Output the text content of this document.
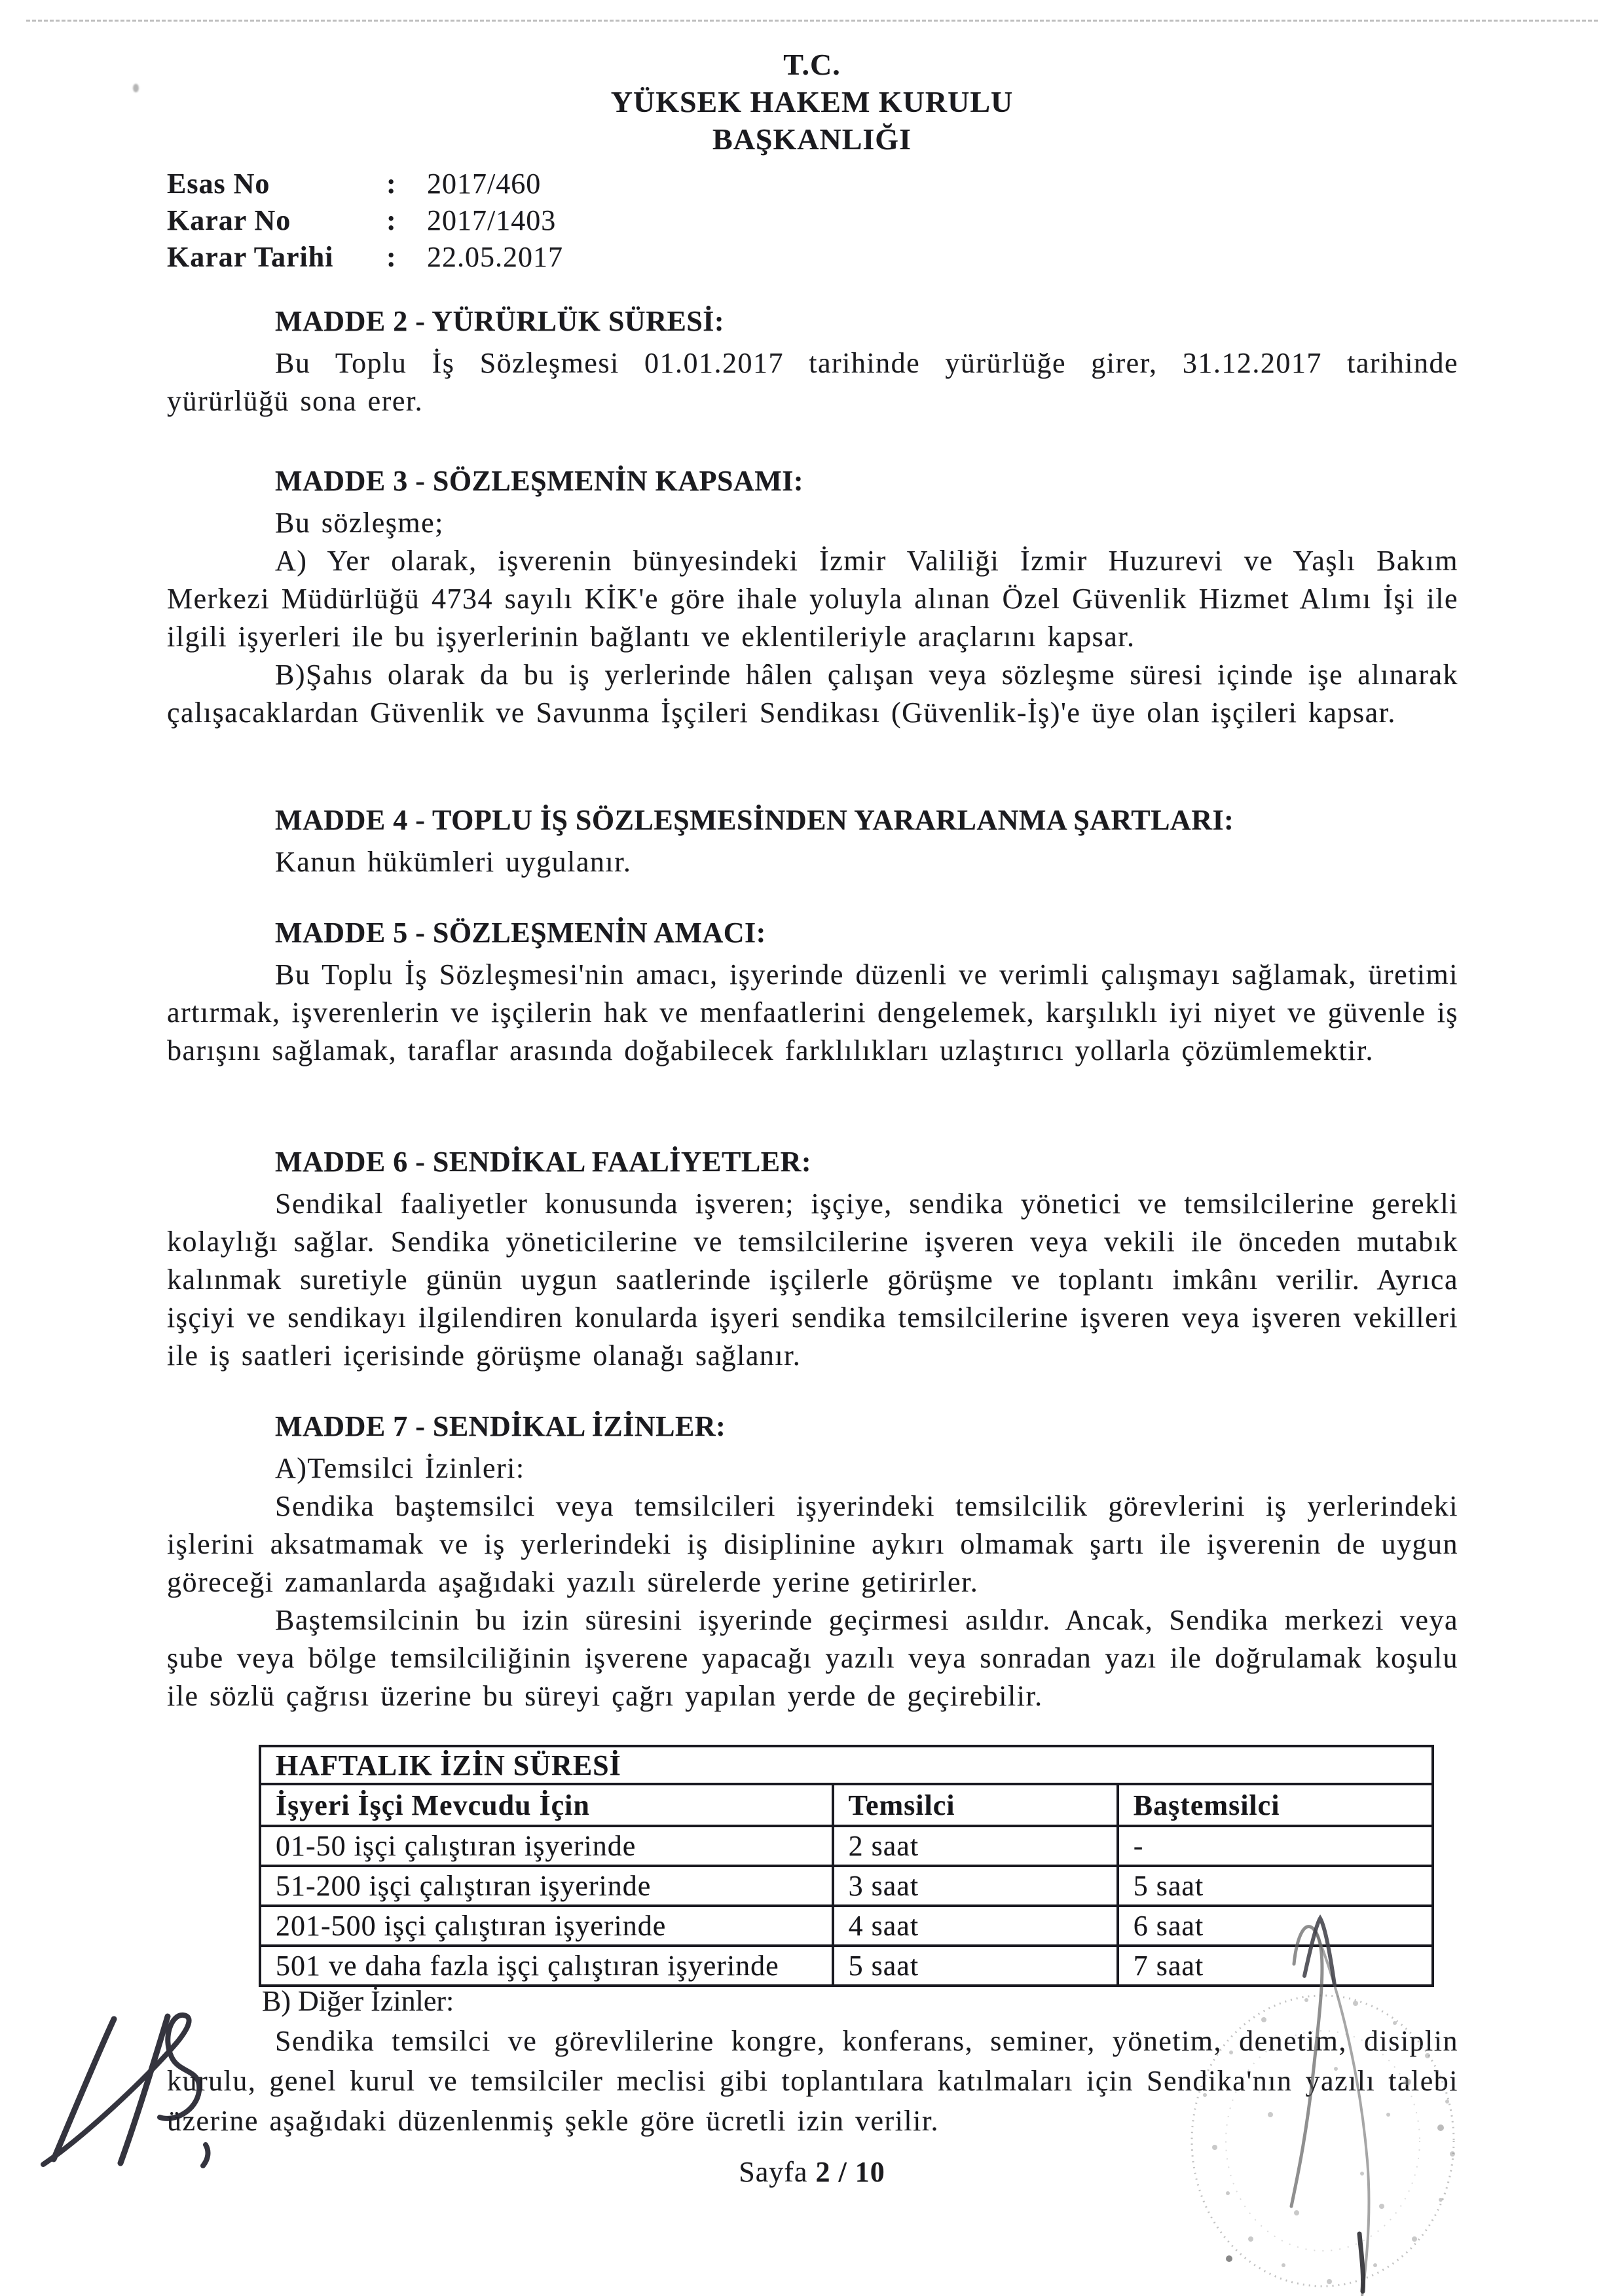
T.C.
YÜKSEK HAKEM KURULU
BAŞKANLIĞI
Esas No	:	2017/460
Karar No	:	2017/1403
Karar Tarihi	:	22.05.2017
MADDE 2 - YÜRÜRLÜK SÜRESİ:

Bu Toplu İş Sözleşmesi 01.01.2017 tarihinde yürürlüğe girer, 31.12.2017 tarihinde yürürlüğü sona erer.

MADDE 3 - SÖZLEŞMENİN KAPSAMI:

Bu sözleşme;

A) Yer olarak, işverenin bünyesindeki İzmir Valiliği İzmir Huzurevi ve Yaşlı Bakım Merkezi Müdürlüğü 4734 sayılı KİK'e göre ihale yoluyla alınan Özel Güvenlik Hizmet Alımı İşi ile ilgili işyerleri ile bu işyerlerinin bağlantı ve eklentileriyle araçlarını kapsar.

B)Şahıs olarak da bu iş yerlerinde hâlen çalışan veya sözleşme süresi içinde işe alınarak çalışacaklardan Güvenlik ve Savunma İşçileri Sendikası (Güvenlik-İş)'e üye olan işçileri kapsar.

MADDE 4 - TOPLU İŞ SÖZLEŞMESİNDEN YARARLANMA ŞARTLARI:

Kanun hükümleri uygulanır.

MADDE 5 - SÖZLEŞMENİN AMACI:

Bu Toplu İş Sözleşmesi'nin amacı, işyerinde düzenli ve verimli çalışmayı sağlamak, üretimi artırmak, işverenlerin ve işçilerin hak ve menfaatlerini dengelemek, karşılıklı iyi niyet ve güvenle iş barışını sağlamak, taraflar arasında doğabilecek farklılıkları uzlaştırıcı yollarla çözümlemektir.

MADDE 6 - SENDİKAL FAALİYETLER:

Sendikal faaliyetler konusunda işveren; işçiye, sendika yönetici ve temsilcilerine gerekli kolaylığı sağlar. Sendika yöneticilerine ve temsilcilerine işveren veya vekili ile önceden mutabık kalınmak suretiyle günün uygun saatlerinde işçilerle görüşme ve toplantı imkânı verilir. Ayrıca işçiyi ve sendikayı ilgilendiren konularda işyeri sendika temsilcilerine işveren veya işveren vekilleri ile iş saatleri içerisinde görüşme olanağı sağlanır.

MADDE 7 - SENDİKAL İZİNLER:

A)Temsilci İzinleri:

Sendika baştemsilci veya temsilcileri işyerindeki temsilcilik görevlerini iş yerlerindeki işlerini aksatmamak ve iş yerlerindeki iş disiplinine aykırı olmamak şartı ile işverenin de uygun göreceği zamanlarda aşağıdaki yazılı sürelerde yerine getirirler.

Baştemsilcinin bu izin süresini işyerinde geçirmesi asıldır. Ancak, Sendika merkezi veya şube veya bölge temsilciliğinin işverene yapacağı yazılı veya sonradan yazı ile doğrulamak koşulu ile sözlü çağrısı üzerine bu süreyi çağrı yapılan yerde de geçirebilir.

HAFTALIK İZİN SÜRESİ		
İşyeri İşçi Mevcudu İçin	Temsilci	Baştemsilci
01-50 işçi çalıştıran işyerinde	2 saat	-
51-200 işçi çalıştıran işyerinde	3 saat	5 saat
201-500 işçi çalıştıran işyerinde	4 saat	6 saat
501 ve daha fazla işçi çalıştıran işyerinde	5 saat	7 saat
B) Diğer İzinler:

Sendika temsilci ve görevlilerine kongre, konferans, seminer, yönetim, denetim, disiplin kurulu, genel kurul ve temsilciler meclisi gibi toplantılara katılmaları için Sendika'nın yazılı talebi üzerine aşağıdaki düzenlenmiş şekle göre ücretli izin verilir.

Sayfa 2 / 10
